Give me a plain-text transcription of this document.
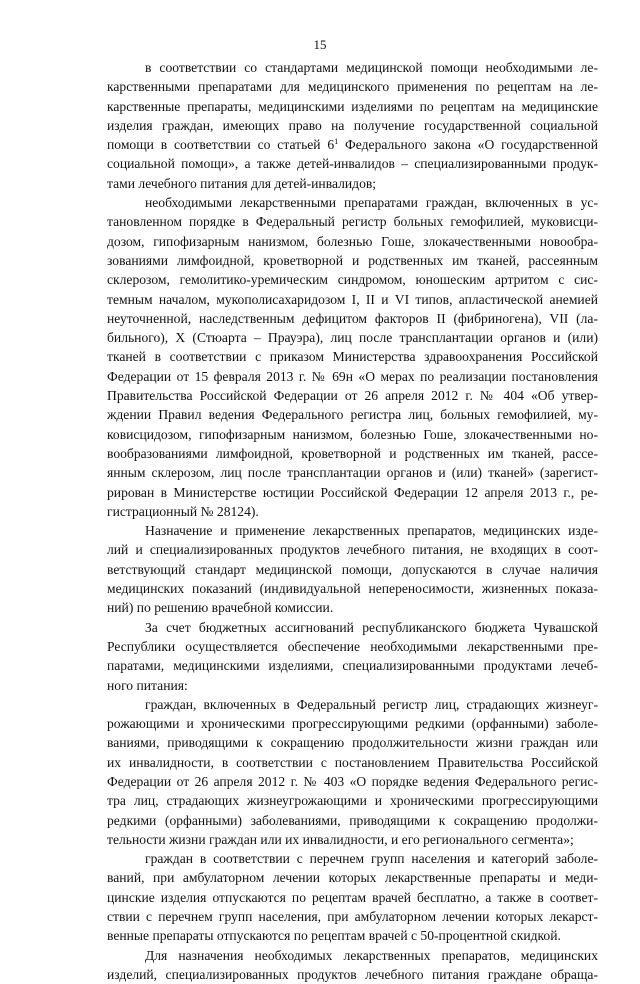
15
в соответствии со стандартами медицинской помощи необходимыми ле-
карственными препаратами для медицинского применения по рецептам на ле-
карственные препараты, медицинскими изделиями по рецептам на медицинские
изделия граждан, имеющих право на получение государственной социальной
помощи в соответствии со статьей $6^1$ Федерального закона «О государственной
социальной помощи», а также детей-инвалидов – специализированными продук-
тами лечебного питания для детей-инвалидов;
необходимыми лекарственными препаратами граждан, включенных в ус-
тановленном порядке в Федеральный регистр больных гемофилией, муковисци-
дозом, гипофизарным нанизмом, болезнью Гоше, злокачественными новообра-
зованиями лимфоидной, кроветворной и родственных им тканей, рассеянным
склерозом, гемолитико-уремическим синдромом, юношеским артритом с сис-
темным началом, мукополисахаридозом I, II и VI типов, апластической анемией
неуточненной, наследственным дефицитом факторов II (фибриногена), VII (ла-
бильного), X (Стюарта – Прауэра), лиц после трансплантации органов и (или)
тканей в соответствии с приказом Министерства здравоохранения Российской
Федерации от 15 февраля 2013 г. № 69н «О мерах по реализации постановления
Правительства Российской Федерации от 26 апреля 2012 г. № 404 «Об утвер-
ждении Правил ведения Федерального регистра лиц, больных гемофилией, му-
ковисцидозом, гипофизарным нанизмом, болезнью Гоше, злокачественными но-
вообразованиями лимфоидной, кроветворной и родственных им тканей, рассе-
янным склерозом, лиц после трансплантации органов и (или) тканей» (зарегист-
рирован в Министерстве юстиции Российской Федерации 12 апреля 2013 г., ре-
гистрационный № 28124).
Назначение и применение лекарственных препаратов, медицинских изде-
лий и специализированных продуктов лечебного питания, не входящих в соот-
ветствующий стандарт медицинской помощи, допускаются в случае наличия
медицинских показаний (индивидуальной непереносимости, жизненных показа-
ний) по решению врачебной комиссии.
За счет бюджетных ассигнований республиканского бюджета Чувашской
Республики осуществляется обеспечение необходимыми лекарственными пре-
паратами, медицинскими изделиями, специализированными продуктами лечеб-
ного питания:
граждан, включенных в Федеральный регистр лиц, страдающих жизнеуг-
рожающими и хроническими прогрессирующими редкими (орфанными) заболе-
ваниями, приводящими к сокращению продолжительности жизни граждан или
их инвалидности, в соответствии с постановлением Правительства Российской
Федерации от 26 апреля 2012 г. № 403 «О порядке ведения Федерального регис-
тра лиц, страдающих жизнеугрожающими и хроническими прогрессирующими
редкими (орфанными) заболеваниями, приводящими к сокращению продолжи-
тельности жизни граждан или их инвалидности, и его регионального сегмента»;
граждан в соответствии с перечнем групп населения и категорий заболе-
ваний, при амбулаторном лечении которых лекарственные препараты и меди-
цинские изделия отпускаются по рецептам врачей бесплатно, а также в соответ-
ствии с перечнем групп населения, при амбулаторном лечении которых лекарст-
венные препараты отпускаются по рецептам врачей с 50-процентной скидкой.
Для назначения необходимых лекарственных препаратов, медицинских
изделий, специализированных продуктов лечебного питания граждане обраща-
